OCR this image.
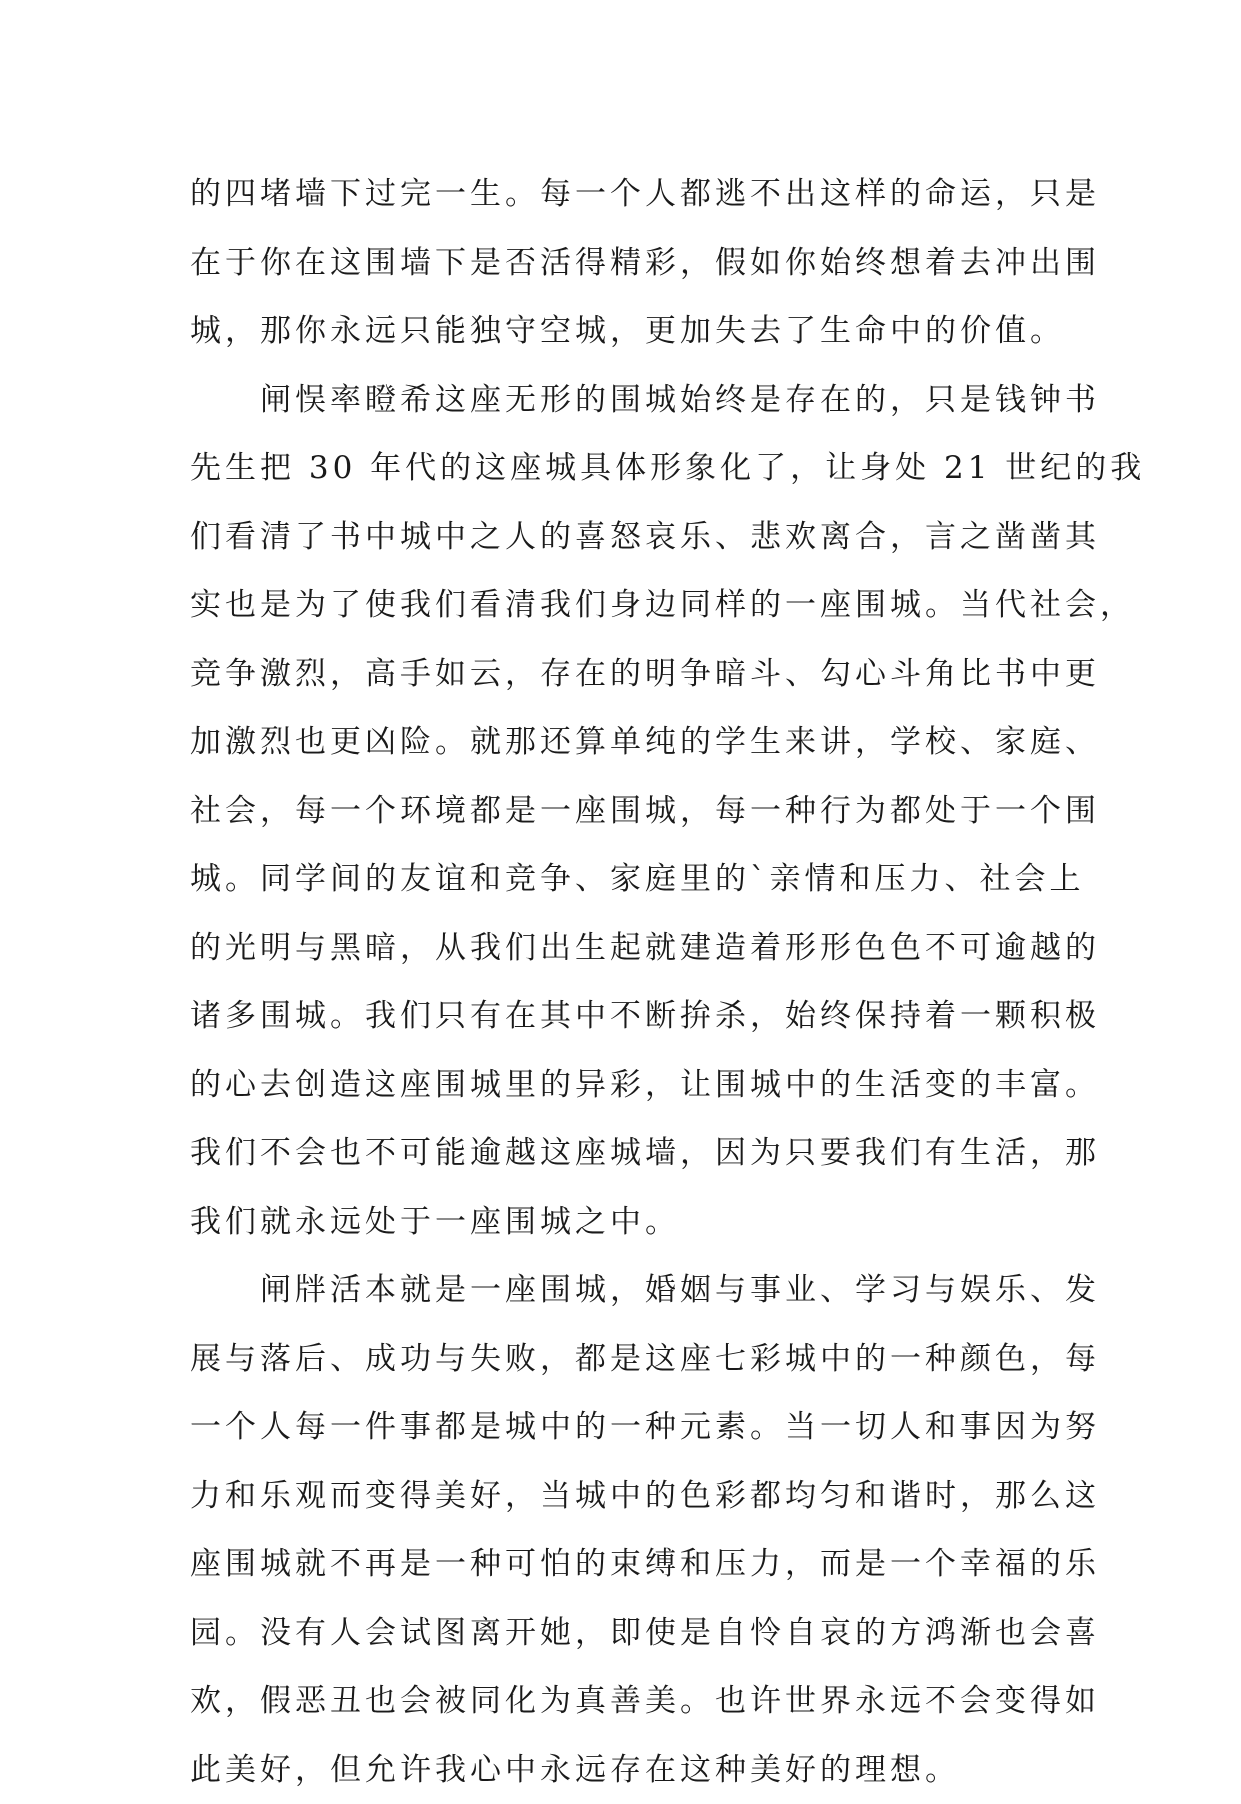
的四堵墙下过完一生。每一个人都逃不出这样的命运，只是
在于你在这围墙下是否活得精彩，假如你始终想着去冲出围
城，那你永远只能独守空城，更加失去了生命中的价值。
　　闸悮率瞪希这座无形的围城始终是存在的，只是钱钟书
先生把 30 年代的这座城具体形象化了，让身处 21 世纪的我
们看清了书中城中之人的喜怒哀乐、悲欢离合，言之凿凿其
实也是为了使我们看清我们身边同样的一座围城。当代社会，
竞争激烈，高手如云，存在的明争暗斗、勾心斗角比书中更
加激烈也更凶险。就那还算单纯的学生来讲，学校、家庭、
社会，每一个环境都是一座围城，每一种行为都处于一个围
城。同学间的友谊和竞争、家庭里的`亲情和压力、社会上
的光明与黑暗，从我们出生起就建造着形形色色不可逾越的
诸多围城。我们只有在其中不断拚杀，始终保持着一颗积极
的心去创造这座围城里的异彩，让围城中的生活变的丰富。
我们不会也不可能逾越这座城墙，因为只要我们有生活，那
我们就永远处于一座围城之中。
　　闸牉活本就是一座围城，婚姻与事业、学习与娱乐、发
展与落后、成功与失败，都是这座七彩城中的一种颜色，每
一个人每一件事都是城中的一种元素。当一切人和事因为努
力和乐观而变得美好，当城中的色彩都均匀和谐时，那么这
座围城就不再是一种可怕的束缚和压力，而是一个幸福的乐
园。没有人会试图离开她，即使是自怜自哀的方鸿渐也会喜
欢，假恶丑也会被同化为真善美。也许世界永远不会变得如
此美好，但允许我心中永远存在这种美好的理想。
